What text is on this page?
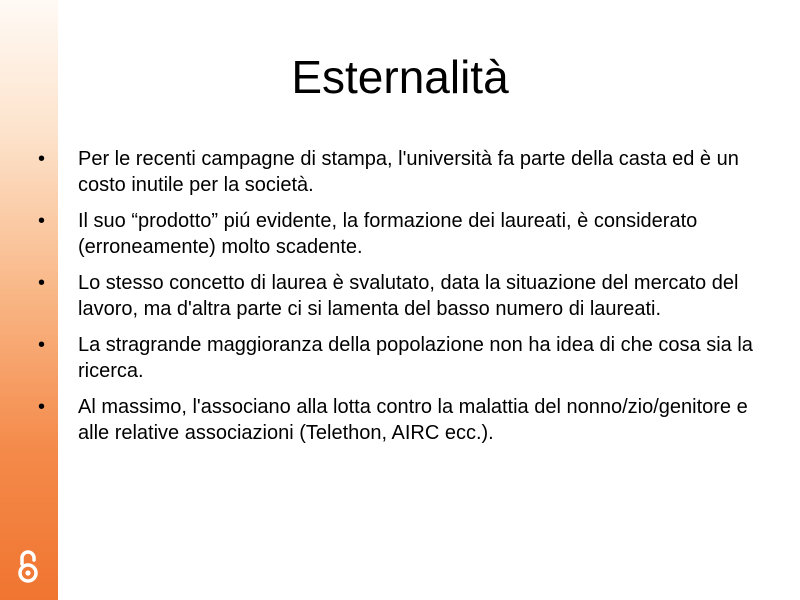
Esternalità
•	Per le recenti campagne di stampa, l'università fa parte della casta ed è un costo inutile per la società.
•	Il suo “prodotto” piú evidente, la formazione dei laureati, è considerato (erroneamente) molto scadente.
•	Lo stesso concetto di laurea è svalutato, data la situazione del mercato del lavoro, ma d'altra parte ci si lamenta del basso numero di laureati.
•	La stragrande maggioranza della popolazione non ha idea di che cosa sia la ricerca.
•	Al massimo, l'associano alla lotta contro la malattia del nonno/zio/genitore e alle relative associazioni (Telethon, AIRC ecc.).
